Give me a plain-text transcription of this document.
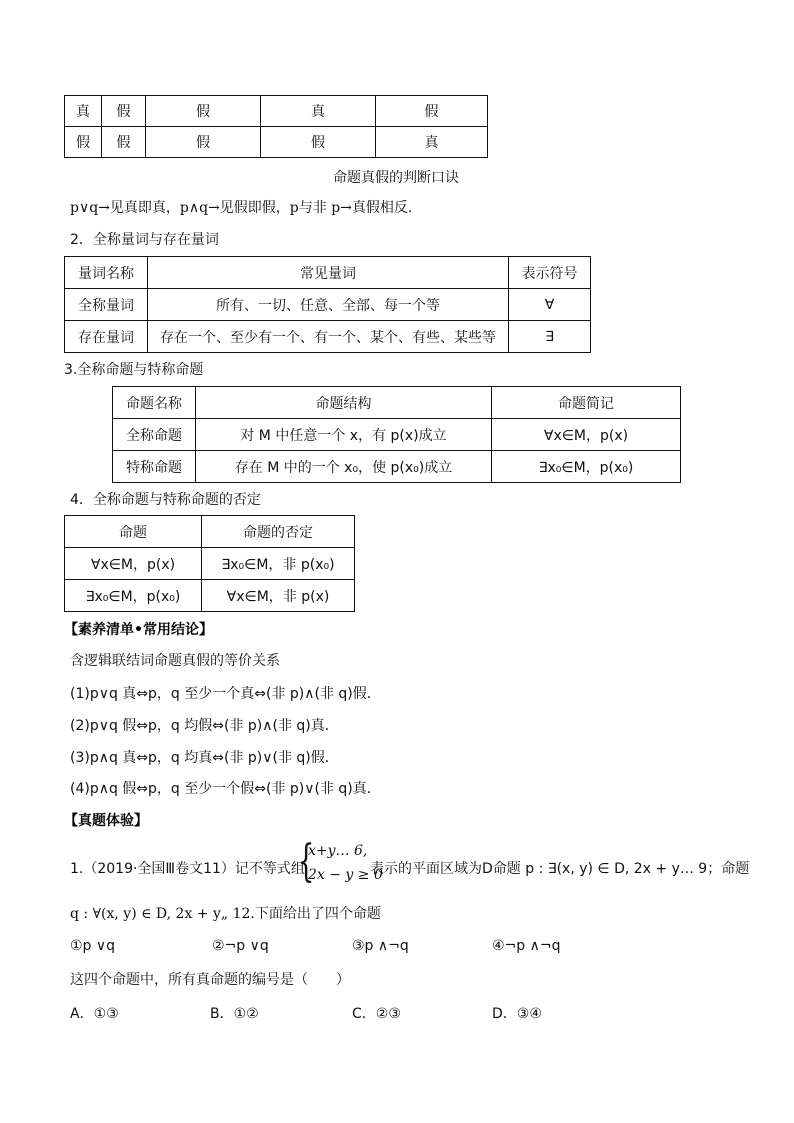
真	假	假	真	假
假	假	假	假	真
命题真假的判断口诀
p∨q→见真即真，p∧q→见假即假，p与非 p→真假相反.
2．全称量词与存在量词
量词名称	常见量词	表示符号
全称量词	所有、一切、任意、全部、每一个等	∀
存在量词	存在一个、至少有一个、有一个、某个、有些、某些等	∃
3.全称命题与特称命题
命题名称	命题结构	命题简记
全称命题	对 M 中任意一个 x，有 p(x)成立	∀x∈M，p(x)
特称命题	存在 M 中的一个 x₀，使 p(x₀)成立	∃x₀∈M，p(x₀)
4．全称命题与特称命题的否定
命题	命题的否定
∀x∈M，p(x)	∃x₀∈M，非 p(x₀)
∃x₀∈M，p(x₀)	∀x∈M，非 p(x)
【素养清单•常用结论】
含逻辑联结词命题真假的等价关系
(1)p∨q 真⇔p，q 至少一个真⇔(非 p)∧(非 q)假．
(2)p∨q 假⇔p，q 均假⇔(非 p)∧(非 q)真．
(3)p∧q 真⇔p，q 均真⇔(非 p)∨(非 q)假．
(4)p∧q 假⇔p，q 至少一个假⇔(非 p)∨(非 q)真．
【真题体验】
1.（2019·全国Ⅲ卷文11）记不等式组
{
x+y… 6,
2x − y ≥ 0
表示的平面区域为D命题 p : ∃(x, y) ∈ D, 2x + y… 9；命题
q : ∀(x, y) ∈ D, 2x + y„ 12.下面给出了四个命题
①p ∨q	②¬p ∨q	③p ∧¬q	④¬p ∧¬q
这四个命题中，所有真命题的编号是（　　）
A．①③	B．①②	C．②③	D．③④
